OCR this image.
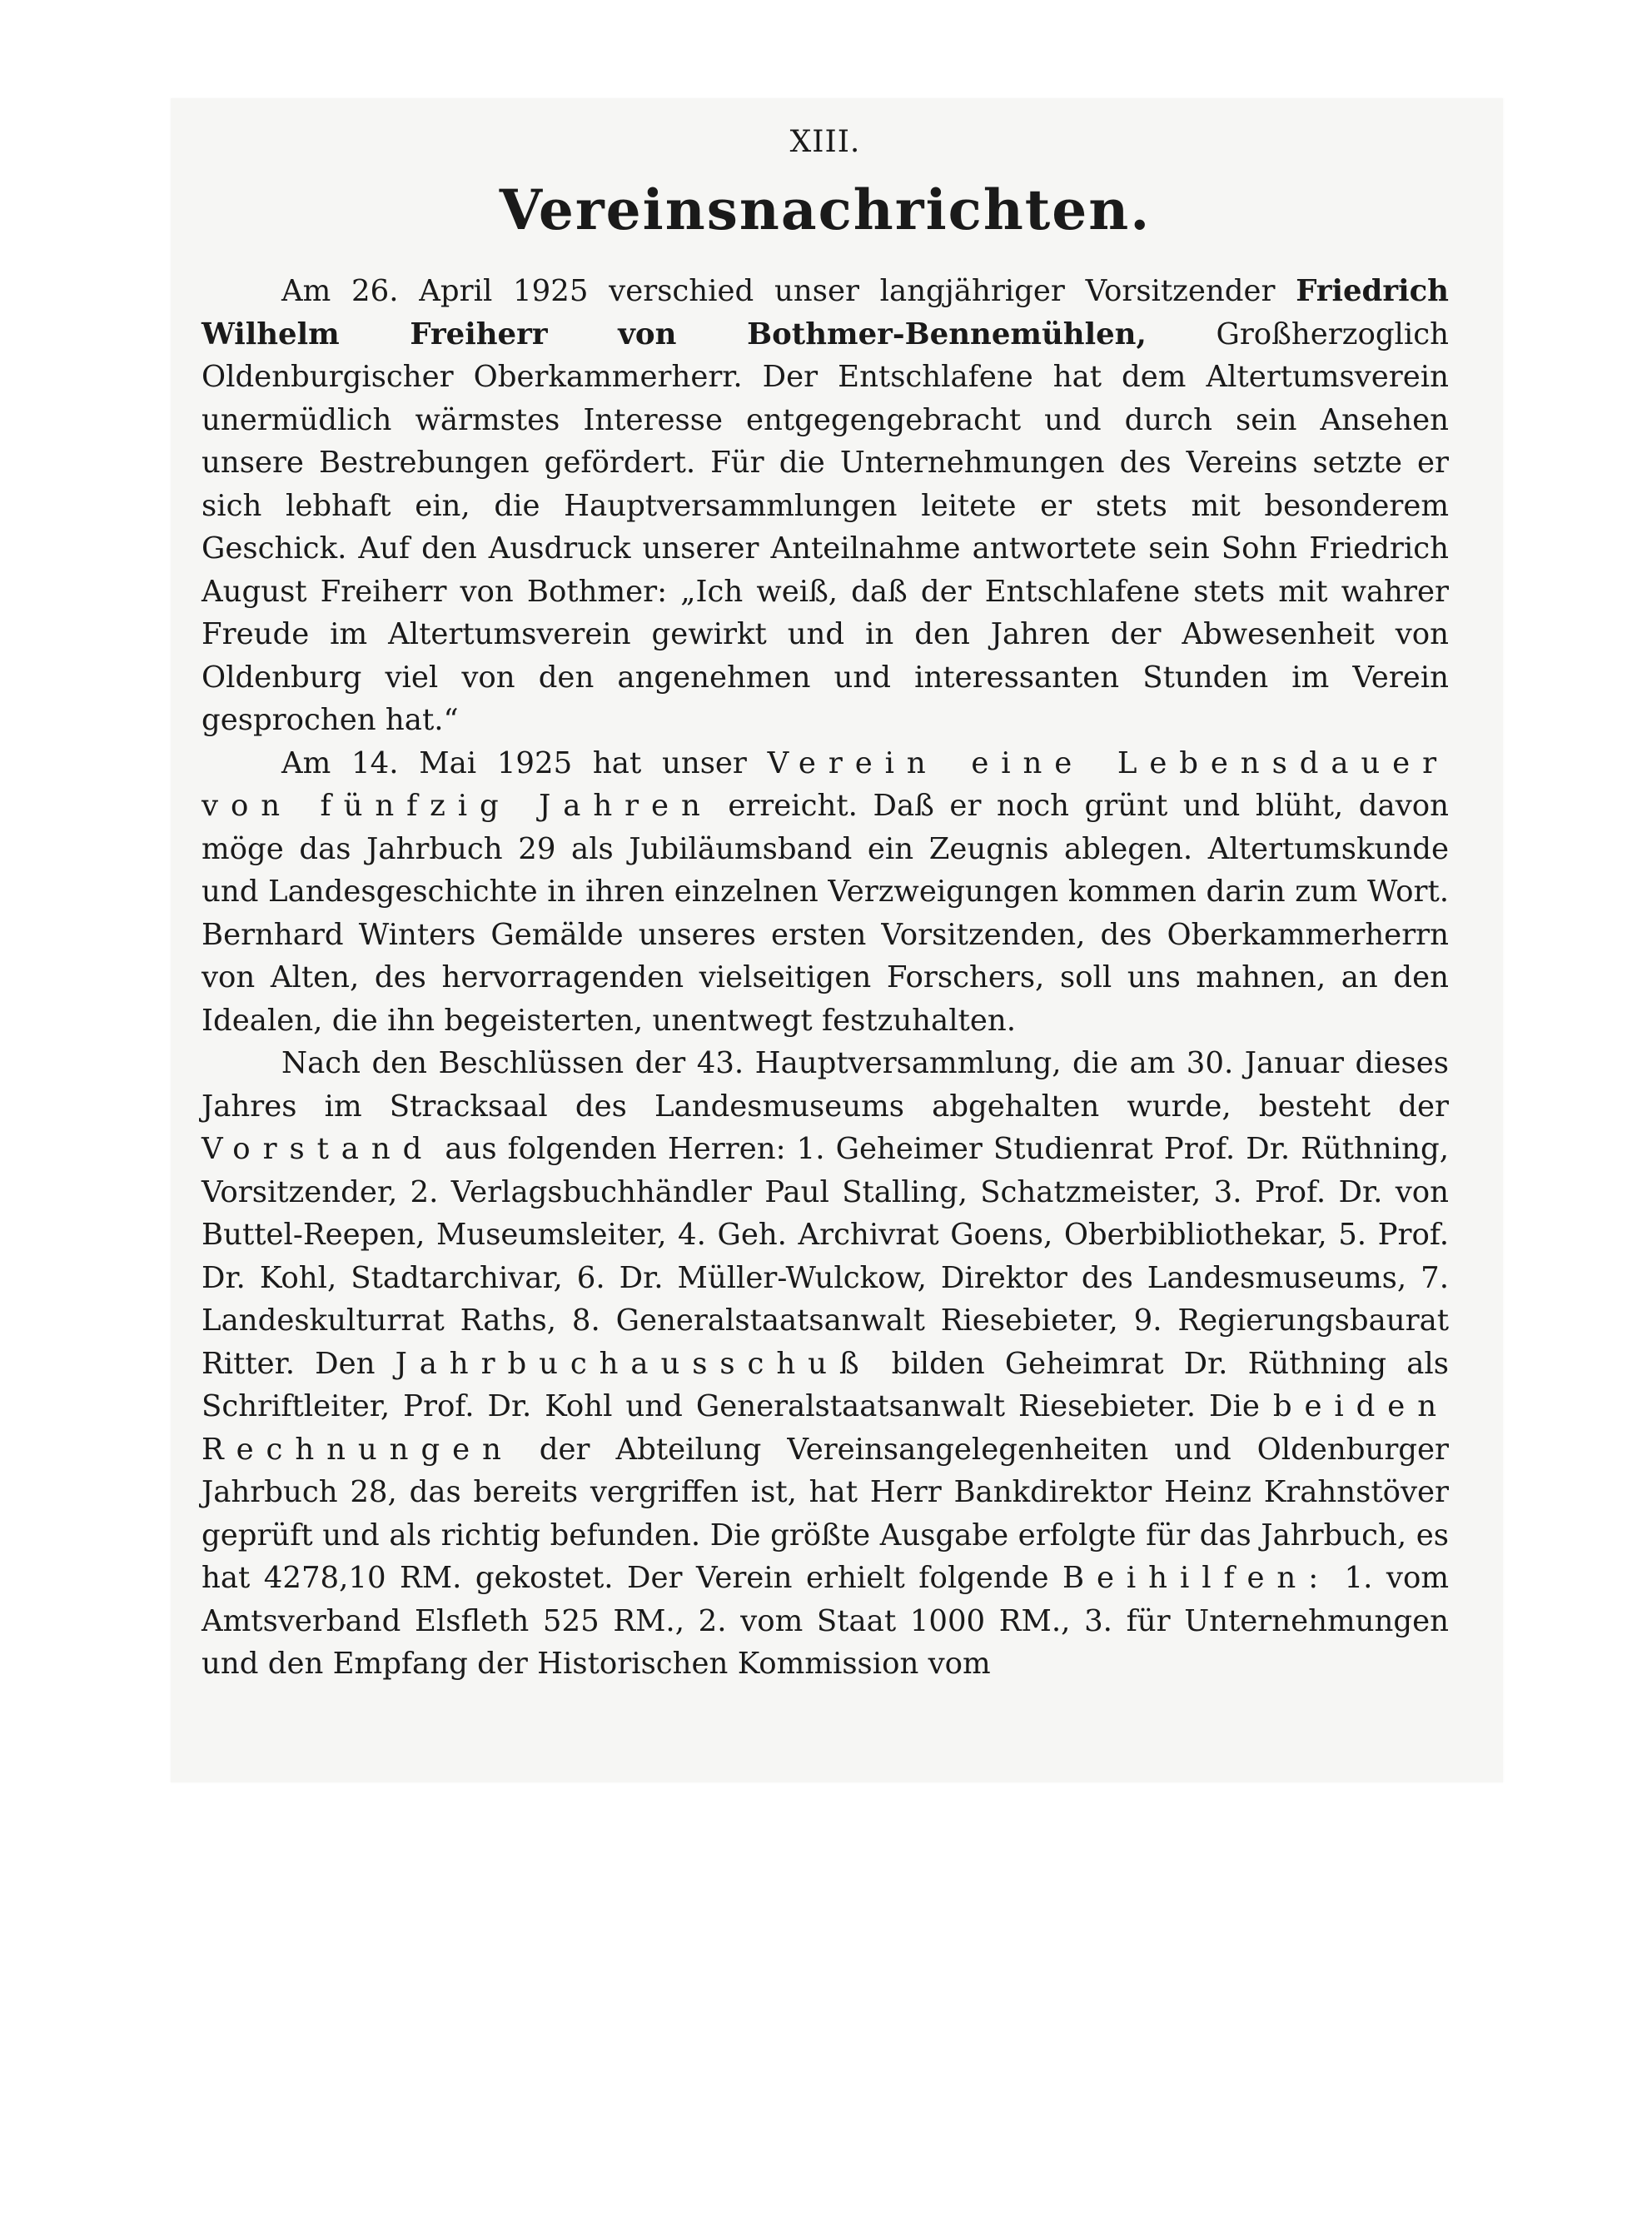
XIII.
Vereinsnachrichten.

Am 26. April 1925 verschied unser langjähriger Vorsitzender Friedrich Wilhelm Freiherr von Bothmer-Bennemühlen, Großherzoglich Oldenburgischer Oberkammerherr. Der Entschlafene hat dem Altertumsverein unermüdlich wärmstes Interesse entgegengebracht und durch sein Ansehen unsere Bestrebungen gefördert. Für die Unternehmungen des Vereins setzte er sich lebhaft ein, die Hauptversammlungen leitete er stets mit besonderem Geschick. Auf den Ausdruck unserer Anteilnahme antwortete sein Sohn Friedrich August Freiherr von Bothmer: „Ich weiß, daß der Entschlafene stets mit wahrer Freude im Altertumsverein gewirkt und in den Jahren der Abwesenheit von Oldenburg viel von den angenehmen und interessanten Stunden im Verein gesprochen hat.“

Am 14. Mai 1925 hat unser Verein eine Lebensdauer von fünfzig Jahren erreicht. Daß er noch grünt und blüht, davon möge das Jahrbuch 29 als Jubiläumsband ein Zeugnis ablegen. Altertumskunde und Landesgeschichte in ihren einzelnen Verzweigungen kommen darin zum Wort. Bernhard Winters Gemälde unseres ersten Vorsitzenden, des Oberkammerherrn von Alten, des hervorragenden vielseitigen Forschers, soll uns mahnen, an den Idealen, die ihn begeisterten, unentwegt festzuhalten.

Nach den Beschlüssen der 43. Hauptversammlung, die am 30. Januar dieses Jahres im Stracksaal des Landesmuseums abgehalten wurde, besteht der Vorstand aus folgenden Herren: 1. Geheimer Studienrat Prof. Dr. Rüthning, Vorsitzender, 2. Verlagsbuchhändler Paul Stalling, Schatzmeister, 3. Prof. Dr. von Buttel-Reepen, Museumsleiter, 4. Geh. Archivrat Goens, Oberbibliothekar, 5. Prof. Dr. Kohl, Stadtarchivar, 6. Dr. Müller-Wulckow, Direktor des Landesmuseums, 7. Landeskulturrat Raths, 8. Generalstaatsanwalt Riesebieter, 9. Regierungsbaurat Ritter. Den Jahrbuchausschuß bilden Geheimrat Dr. Rüthning als Schriftleiter, Prof. Dr. Kohl und Generalstaatsanwalt Riesebieter. Die beiden Rechnungen der Abteilung Vereinsangelegenheiten und Oldenburger Jahrbuch 28, das bereits vergriffen ist, hat Herr Bankdirektor Heinz Krahnstöver geprüft und als richtig befunden. Die größte Ausgabe erfolgte für das Jahrbuch, es hat 4278,10 RM. gekostet. Der Verein erhielt folgende Beihilfen: 1. vom Amtsverband Elsfleth 525 RM., 2. vom Staat 1000 RM., 3. für Unternehmungen und den Empfang der Historischen Kommission vom
